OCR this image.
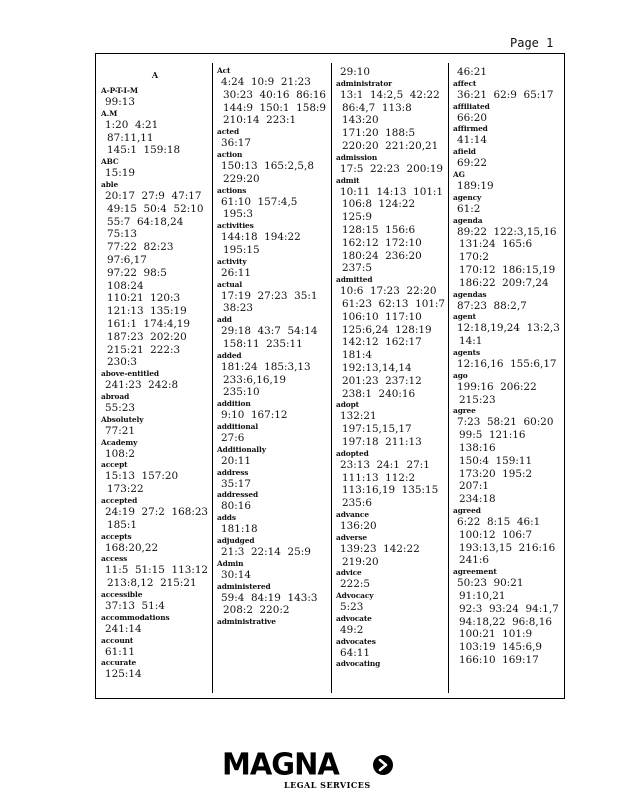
Page 1
A
A-P-T-I-M
99:13
A.M
1:20  4:21  87:11,11
145:1  159:18
ABC
15:19
able
20:17  27:9  47:17
49:15  50:4  52:10
55:7  64:18,24  75:13
77:22  82:23  97:6,17
97:22  98:5  108:24
110:21  120:3
121:13  135:19
161:1  174:4,19
187:23  202:20
215:21  222:3  230:3
above-entitled
241:23  242:8
abroad
55:23
Absolutely
77:21
Academy
108:2
accept
15:13  157:20  173:22
accepted
24:19  27:2  168:23
185:1
accepts
168:20,22
access
11:5  51:15  113:12
213:8,12  215:21
accessible
37:13  51:4
accommodations
241:14
account
61:11
accurate
125:14
Act
4:24  10:9  21:23
30:23  40:16  86:16
144:9  150:1  158:9
210:14  223:1
acted
36:17
action
150:13  165:2,5,8
229:20
actions
61:10  157:4,5  195:3
activities
144:18  194:22
195:15
activity
26:11
actual
17:19  27:23  35:1
38:23
add
29:18  43:7  54:14
158:11  235:11
added
181:24  185:3,13
233:6,16,19  235:10
addition
9:10  167:12
additional
27:6
Additionally
20:11
address
35:17
addressed
80:16
adds
181:18
adjudged
21:3  22:14  25:9
Admin
30:14
administered
59:4  84:19  143:3
208:2  220:2
administrative
29:10
administrator
13:1  14:2,5  42:22
86:4,7  113:8  143:20
171:20  188:5
220:20  221:20,21
admission
17:5  22:23  200:19
admit
10:11  14:13  101:1
106:8  124:22  125:9
128:15  156:6
162:12  172:10
180:24  236:20
237:5
admitted
10:6  17:23  22:20
61:23  62:13  101:7
106:10  117:10
125:6,24  128:19
142:12  162:17
181:4  192:13,14,14
201:23  237:12
238:1  240:16
adopt
132:21  197:15,15,17
197:18  211:13
adopted
23:13  24:1  27:1
111:13  112:2
113:16,19  135:15
235:6
advance
136:20
adverse
139:23  142:22
219:20
advice
222:5
Advocacy
5:23
advocate
49:2
advocates
64:11
advocating
46:21
affect
36:21  62:9  65:17
affiliated
66:20
affirmed
41:14
afield
69:22
AG
189:19
agency
61:2
agenda
89:22  122:3,15,16
131:24  165:6  170:2
170:12  186:15,19
186:22  209:7,24
agendas
87:23  88:2,7
agent
12:18,19,24  13:2,3
14:1
agents
12:16,16  155:6,17
ago
199:16  206:22
215:23
agree
7:23  58:21  60:20
99:5  121:16  138:16
150:4  159:11
173:20  195:2  207:1
234:18
agreed
6:22  8:15  46:1
100:12  106:7
193:13,15  216:16
241:6
agreement
50:23  90:21  91:10,21
92:3  93:24  94:1,7
94:18,22  96:8,16
100:21  101:9
103:19  145:6,9
166:10  169:17
MAGNA
LEGAL SERVICES
